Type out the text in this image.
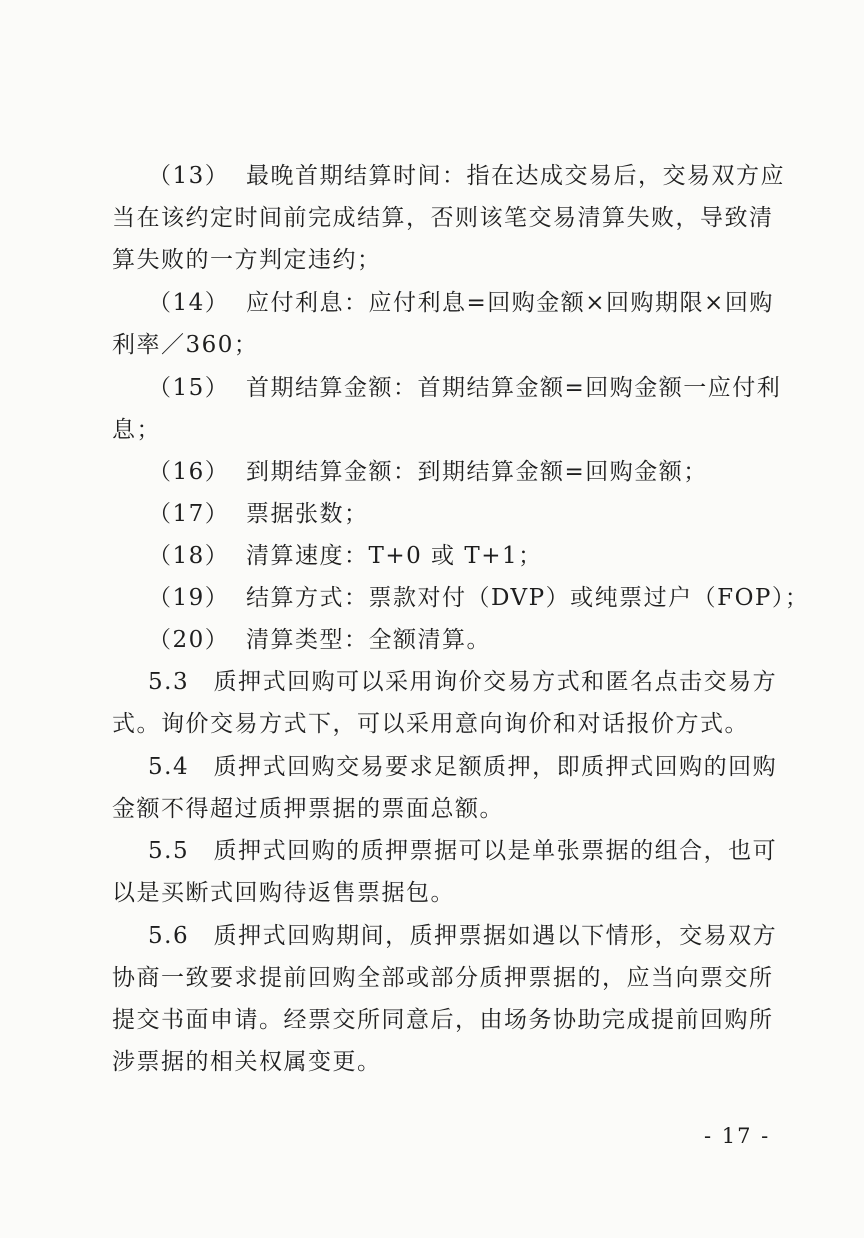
（13） 最晚首期结算时间：指在达成交易后，交易双方应
当在该约定时间前完成结算，否则该笔交易清算失败，导致清
算失败的一方判定违约；
（14） 应付利息：应付利息=回购金额×回购期限×回购
利率／360；
（15） 首期结算金额：首期结算金额=回购金额一应付利
息；
（16） 到期结算金额：到期结算金额=回购金额；
（17） 票据张数；
（18） 清算速度：T+0 或 T+1；
（19） 结算方式：票款对付（DVP）或纯票过户（FOP）；
（20） 清算类型：全额清算。
5.3　质押式回购可以采用询价交易方式和匿名点击交易方
式。询价交易方式下，可以采用意向询价和对话报价方式。
5.4　质押式回购交易要求足额质押，即质押式回购的回购
金额不得超过质押票据的票面总额。
5.5　质押式回购的质押票据可以是单张票据的组合，也可
以是买断式回购待返售票据包。
5.6　质押式回购期间，质押票据如遇以下情形，交易双方
协商一致要求提前回购全部或部分质押票据的，应当向票交所
提交书面申请。经票交所同意后，由场务协助完成提前回购所
涉票据的相关权属变更。
- 17 -
